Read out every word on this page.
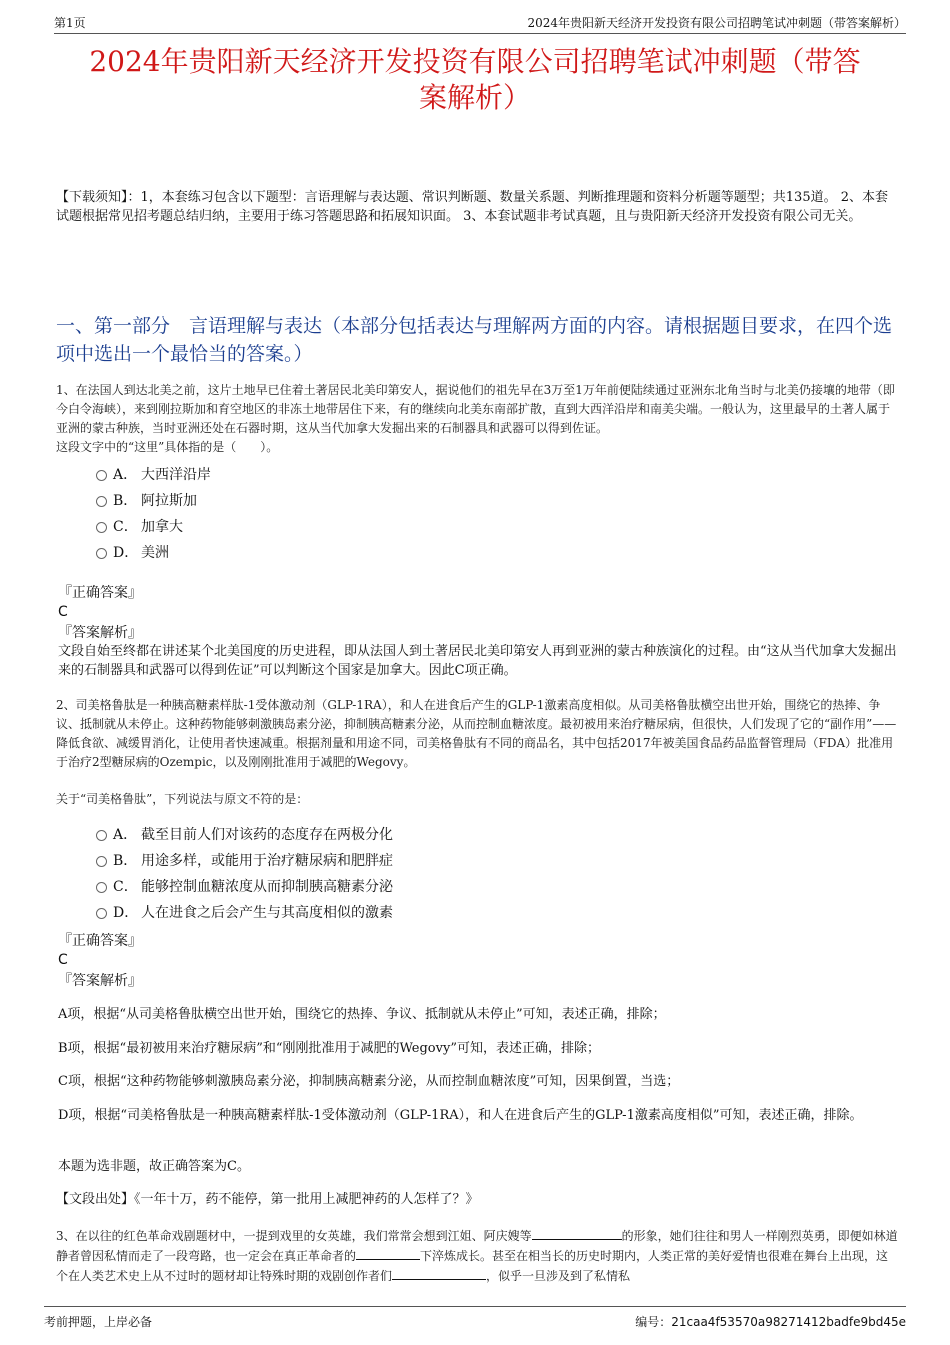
第1页	2024年贵阳新天经济开发投资有限公司招聘笔试冲刺题（带答案解析）
2024年贵阳新天经济开发投资有限公司招聘笔试冲刺题（带答
案解析）
【下载须知】：1，本套练习包含以下题型：言语理解与表达题、常识判断题、数量关系题、判断推理题和资料分析题等题型；共135道。 2、本套试题根据常见招考题总结归纳，主要用于练习答题思路和拓展知识面。 3、本套试题非考试真题，且与贵阳新天经济开发投资有限公司无关。
一、第一部分　言语理解与表达（本部分包括表达与理解两方面的内容。请根据题目要求，在四个选项中选出一个最恰当的答案。）
1、在法国人到达北美之前，这片土地早已住着土著居民北美印第安人，据说他们的祖先早在3万至1万年前便陆续通过亚洲东北角当时与北美仍接壤的地带（即今白令海峡），来到刚拉斯加和育空地区的非冻土地带居住下来，有的继续向北美东南部扩散，直到大西洋沿岸和南美尖端。一般认为，这里最早的土著人属于亚洲的蒙古种族，当时亚洲还处在石器时期，这从当代加拿大发掘出来的石制器具和武器可以得到佐证。
这段文字中的“这里”具体指的是（　　）。
A． 大西洋沿岸
B． 阿拉斯加
C． 加拿大
D． 美洲
『正确答案』
C
『答案解析』
文段自始至终都在讲述某个北美国度的历史进程，即从法国人到土著居民北美印第安人再到亚洲的蒙古种族演化的过程。由“这从当代加拿大发掘出来的石制器具和武器可以得到佐证”可以判断这个国家是加拿大。因此C项正确。
2、司美格鲁肽是一种胰高糖素样肽-1受体激动剂（GLP-1RA），和人在进食后产生的GLP-1激素高度相似。从司美格鲁肽横空出世开始，围绕它的热捧、争议、抵制就从未停止。这种药物能够刺激胰岛素分泌，抑制胰高糖素分泌，从而控制血糖浓度。最初被用来治疗糖尿病，但很快，人们发现了它的“副作用”——降低食欲、减缓胃消化，让使用者快速减重。根据剂量和用途不同，司美格鲁肽有不同的商品名，其中包括2017年被美国食品药品监督管理局（FDA）批准用于治疗2型糖尿病的Ozempic，以及刚刚批准用于减肥的Wegovy。
关于“司美格鲁肽”，下列说法与原文不符的是：
A． 截至目前人们对该药的态度存在两极分化
B． 用途多样，或能用于治疗糖尿病和肥胖症
C． 能够控制血糖浓度从而抑制胰高糖素分泌
D． 人在进食之后会产生与其高度相似的激素
『正确答案』
C
『答案解析』
A项，根据“从司美格鲁肽横空出世开始，围绕它的热捧、争议、抵制就从未停止”可知，表述正确，排除；
B项，根据“最初被用来治疗糖尿病”和“刚刚批准用于减肥的Wegovy”可知，表述正确，排除；
C项，根据“这种药物能够刺激胰岛素分泌，抑制胰高糖素分泌，从而控制血糖浓度”可知，因果倒置，当选；
D项，根据“司美格鲁肽是一种胰高糖素样肽-1受体激动剂（GLP-1RA），和人在进食后产生的GLP-1激素高度相似”可知，表述正确，排除。
本题为选非题，故正确答案为C。
【文段出处】《一年十万，药不能停，第一批用上减肥神药的人怎样了？》
3、在以往的红色革命戏剧题材中，一提到戏里的女英雄，我们常常会想到江姐、阿庆嫂等	的形象，她们往往和男人一样刚烈英勇，即便如林道静者曾因私情而走了一段弯路，也一定会在真正革命者的	下淬炼成长。甚至在相当长的历史时期内，人类正常的美好爱情也很难在舞台上出现，这个在人类艺术史上从不过时的题材却让特殊时期的戏剧创作者们	，似乎一旦涉及到了私情私
考前押题，上岸必备	编号：21caa4f53570a98271412badfe9bd45e
